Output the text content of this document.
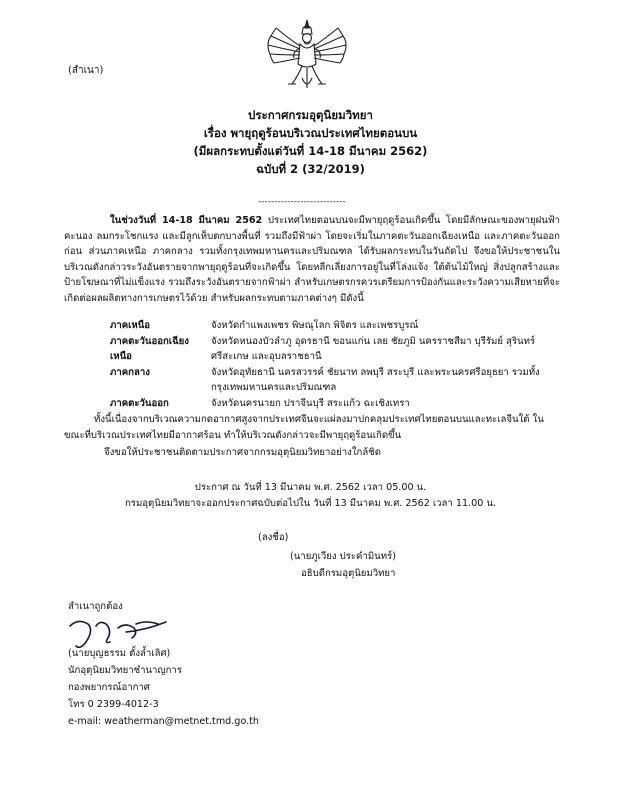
(สำเนา)
ประกาศกรมอุตุนิยมวิทยา
เรื่อง พายุฤดูร้อนบริเวณประเทศไทยตอนบน
(มีผลกระทบตั้งแต่วันที่ 14-18 มีนาคม 2562)
ฉบับที่ 2 (32/2019)
---------------------------
ในช่วงวันที่ 14-18 มีนาคม 2562 ประเทศไทยตอนบนจะมีพายุฤดูร้อนเกิดขึ้น โดยมีลักษณะของพายุฝนฟ้าคะนอง ลมกระโชกแรง และมีลูกเห็บตกบางพื้นที่ รวมถึงมีฟ้าผ่า โดยจะเริ่มในภาคตะวันออกเฉียงเหนือ และภาคตะวันออกก่อน ส่วนภาคเหนือ ภาคกลาง รวมทั้งกรุงเทพมหานครและปริมณฑล ได้รับผลกระทบในวันถัดไป จึงขอให้ประชาชนในบริเวณดังกล่าวระวังอันตรายจากพายุฤดูร้อนที่จะเกิดขึ้น โดยหลีกเลี่ยงการอยู่ในที่โล่งแจ้ง ใต้ต้นไม้ใหญ่ สิ่งปลูกสร้างและป้ายโฆษณาที่ไม่แข็งแรง รวมถึงระวังอันตรายจากฟ้าผ่า สำหรับเกษตรกรควรเตรียมการป้องกันและระวังความเสียหายที่จะเกิดต่อผลผลิตทางการเกษตรไว้ด้วย สำหรับผลกระทบตามภาคต่างๆ มีดังนี้
ภาคเหนือ	จังหวัดกำแพงเพชร พิษณุโลก พิจิตร และเพชรบูรณ์
ภาคตะวันออกเฉียงเหนือ	จังหวัดหนองบัวลำภู อุดรธานี ขอนแก่น เลย ชัยภูมิ นครราชสีมา บุรีรัมย์ สุรินทร์ ศรีสะเกษ และอุบลราชธานี
ภาคกลาง	จังหวัดอุทัยธานี นครสวรรค์ ชัยนาท ลพบุรี สระบุรี และพระนครศรีอยุธยา รวมทั้งกรุงเทพมหานครและปริมณฑล
ภาคตะวันออก	จังหวัดนครนายก ปราจีนบุรี สระแก้ว ฉะเชิงเทรา
ทั้งนี้เนื่องจากบริเวณความกดอากาศสูงจากประเทศจีนจะแผ่ลงมาปกคลุมประเทศไทยตอนบนและทะเลจีนใต้ ในขณะที่บริเวณประเทศไทยมีอากาศร้อน ทำให้บริเวณดังกล่าวจะมีพายุฤดูร้อนเกิดขึ้น
จึงขอให้ประชาชนติดตามประกาศจากกรมอุตุนิยมวิทยาอย่างใกล้ชิด
ประกาศ ณ วันที่ 13 มีนาคม พ.ศ. 2562 เวลา 05.00 น.
กรมอุตุนิยมวิทยาจะออกประกาศฉบับต่อไปใน วันที่ 13 มีนาคม พ.ศ. 2562 เวลา 11.00 น.
(ลงชื่อ)
(นายภูเวียง ประคำมินทร์)
อธิบดีกรมอุตุนิยมวิทยา
สำเนาถูกต้อง
(นายบุญธรรม ตั้งล้ำเลิศ)
นักอุตุนิยมวิทยาชำนาญการ
กองพยากรณ์อากาศ
โทร 0 2399-4012-3
e-mail: weatherman@metnet.tmd.go.th
